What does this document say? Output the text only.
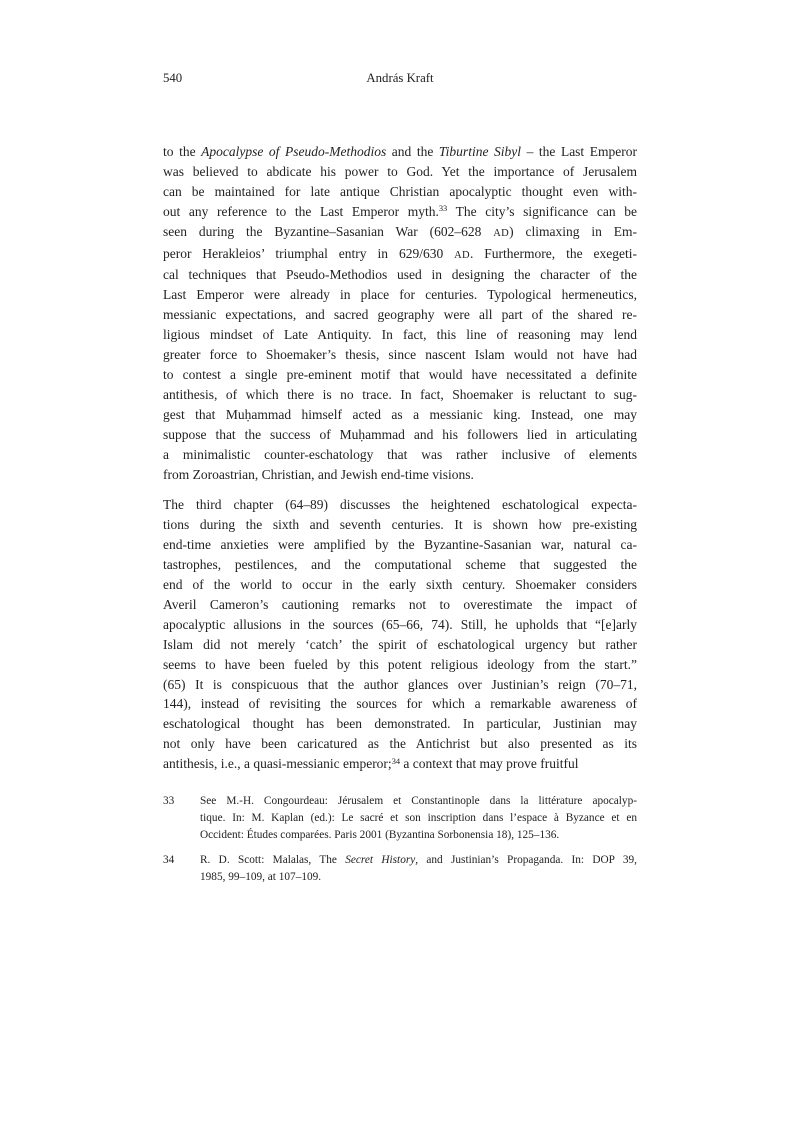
540	András Kraft
to the Apocalypse of Pseudo-Methodios and the Tiburtine Sibyl – the Last Emperor
was believed to abdicate his power to God. Yet the importance of Jerusalem
can be maintained for late antique Christian apocalyptic thought even with-
out any reference to the Last Emperor myth.$^{33}$ The city’s significance can be
seen during the Byzantine–Sasanian War (602–628 AD) climaxing in Em-
peror Herakleios’ triumphal entry in 629/630 AD. Furthermore, the exegeti-
cal techniques that Pseudo-Methodios used in designing the character of the
Last Emperor were already in place for centuries. Typological hermeneutics,
messianic expectations, and sacred geography were all part of the shared re-
ligious mindset of Late Antiquity. In fact, this line of reasoning may lend
greater force to Shoemaker’s thesis, since nascent Islam would not have had
to contest a single pre-eminent motif that would have necessitated a definite
antithesis, of which there is no trace. In fact, Shoemaker is reluctant to sug-
gest that Muḥammad himself acted as a messianic king. Instead, one may
suppose that the success of Muḥammad and his followers lied in articulating
a minimalistic counter-eschatology that was rather inclusive of elements
from Zoroastrian, Christian, and Jewish end-time visions.
The third chapter (64–89) discusses the heightened eschatological expecta-
tions during the sixth and seventh centuries. It is shown how pre-existing
end-time anxieties were amplified by the Byzantine-Sasanian war, natural ca-
tastrophes, pestilences, and the computational scheme that suggested the
end of the world to occur in the early sixth century. Shoemaker considers
Averil Cameron’s cautioning remarks not to overestimate the impact of
apocalyptic allusions in the sources (65–66, 74). Still, he upholds that “[e]arly
Islam did not merely ‘catch’ the spirit of eschatological urgency but rather
seems to have been fueled by this potent religious ideology from the start.”
(65) It is conspicuous that the author glances over Justinian’s reign (70–71,
144), instead of revisiting the sources for which a remarkable awareness of
eschatological thought has been demonstrated. In particular, Justinian may
not only have been caricatured as the Antichrist but also presented as its
antithesis, i.e., a quasi-messianic emperor;$^{34}$ a context that may prove fruitful
33	See M.-H. Congourdeau: Jérusalem et Constantinople dans la littérature apocalyp-
tique. In: M. Kaplan (ed.): Le sacré et son inscription dans l’espace à Byzance et en
Occident: Études comparées. Paris 2001 (Byzantina Sorbonensia 18), 125–136.
34	R. D. Scott: Malalas, The Secret History, and Justinian’s Propaganda. In: DOP 39,
1985, 99–109, at 107–109.
